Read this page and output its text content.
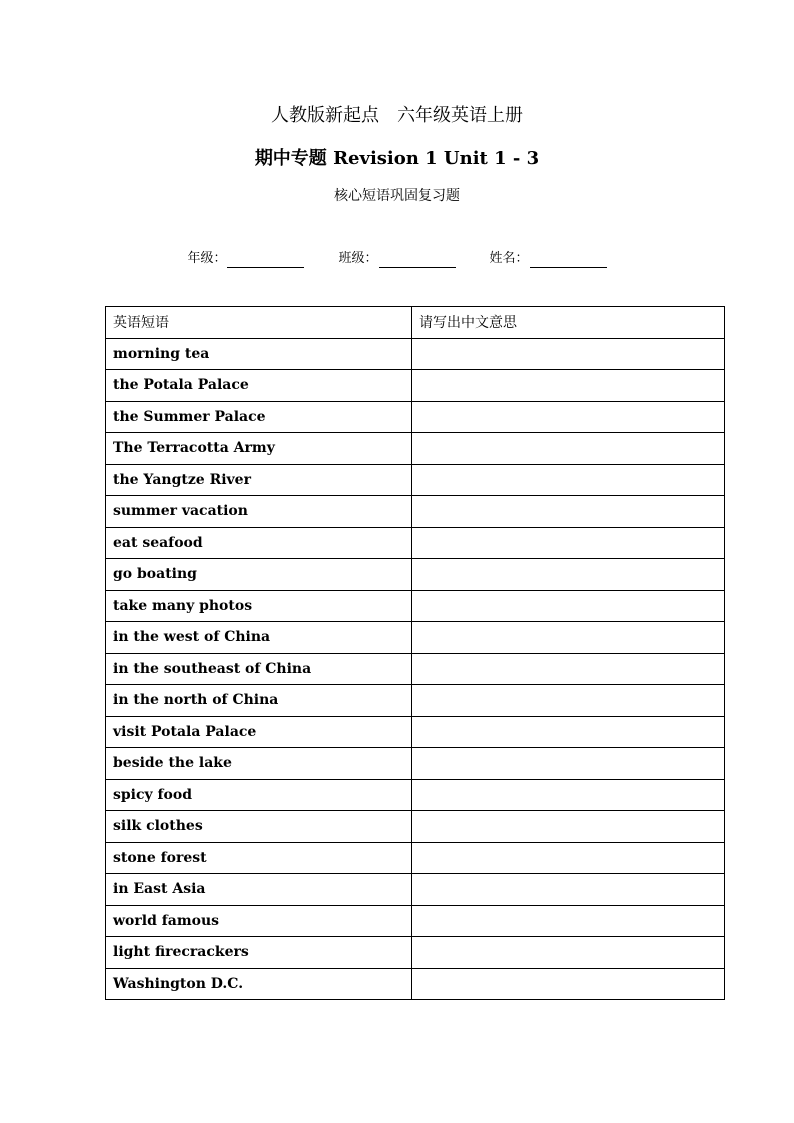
人教版新起点　六年级英语上册
期中专题 Revision 1 Unit 1 - 3
核心短语巩固复习题
年级：	班级：	姓名：
英语短语	请写出中文意思
morning tea	
the Potala Palace	
the Summer Palace	
The Terracotta Army	
the Yangtze River	
summer vacation	
eat seafood	
go boating	
take many photos	
in the west of China	
in the southeast of China	
in the north of China	
visit Potala Palace	
beside the lake	
spicy food	
silk clothes	
stone forest	
in East Asia	
world famous	
light firecrackers	
Washington D.C.	
